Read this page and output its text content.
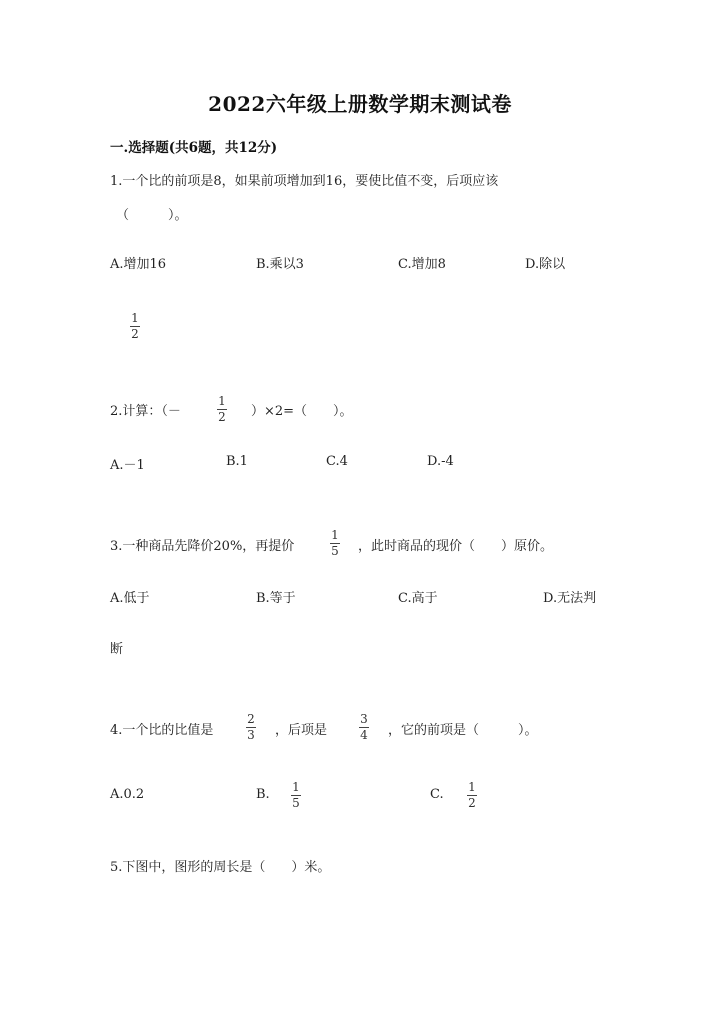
2022六年级上册数学期末测试卷
一.选择题(共6题，共12分)
1.一个比的前项是8，如果前项增加到16，要使比值不变，后项应该
（　　　）。
A.增加16	B.乘以3	C.增加8	D.除以
1
2
2.计算：（－
1
2 ）×2=（　　）。
A.－1	B.1	C.4	D.-4
3.一种商品先降价20%，再提价
1
5 ，此时商品的现价（　　）原价。
A.低于	B.等于	C.高于	D.无法判
断
4.一个比的比值是
2
3 ，后项是
3
4 ，它的前项是（　　　）。
A.0.2	B. 1
5
C. 1
2
5.下图中，图形的周长是（　　）米。
